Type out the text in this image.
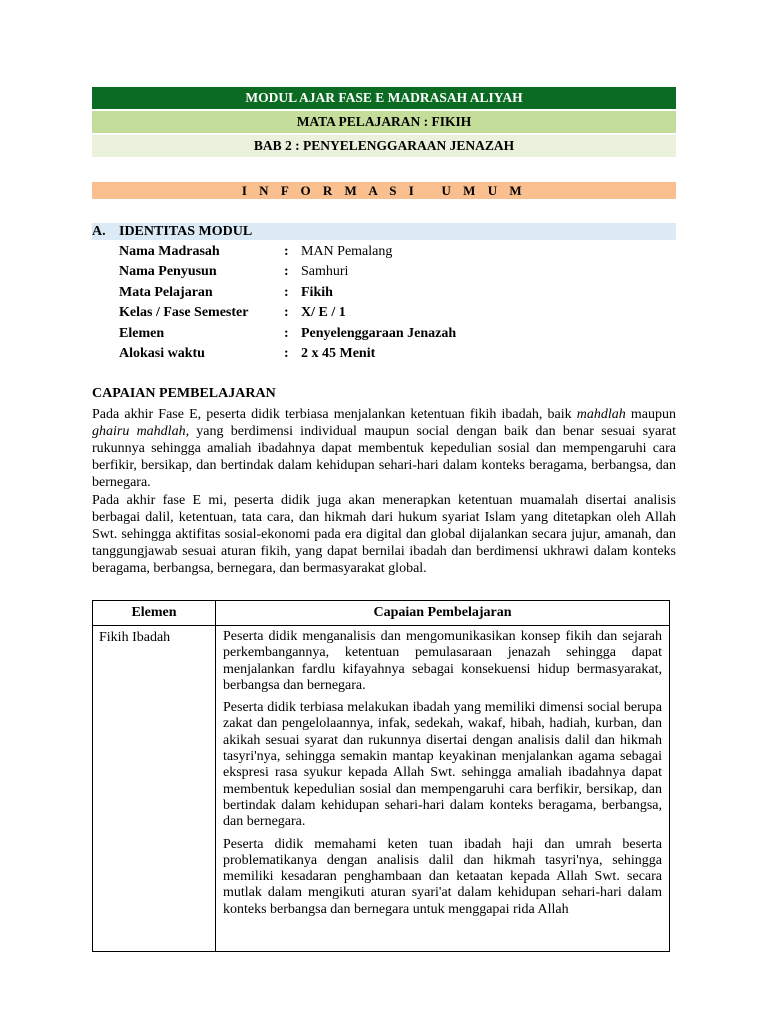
MODUL AJAR FASE E MADRASAH ALIYAH
MATA PELAJARAN : FIKIH
BAB 2 : PENYELENGGARAAN JENAZAH
I N F O R M A S I   U M U M
A. IDENTITAS MODUL
Nama Madrasah	: MAN Pemalang
Nama Penyusun	: Samhuri
Mata Pelajaran	: Fikih
Kelas / Fase Semester	: X/ E / 1
Elemen	: Penyelenggaraan Jenazah
Alokasi waktu	: 2 x 45 Menit
CAPAIAN PEMBELAJARAN

Pada akhir Fase E, peserta didik terbiasa menjalankan ketentuan fikih ibadah, baik mahdlah maupun ghairu mahdlah, yang berdimensi individual maupun social dengan baik dan benar sesuai syarat rukunnya sehingga amaliah ibadahnya dapat membentuk kepedulian sosial dan mempengaruhi cara berfikir, bersikap, dan bertindak dalam kehidupan sehari-hari dalam konteks beragama, berbangsa, dan bernegara.

Pada akhir fase E mi, peserta didik juga akan menerapkan ketentuan muamalah disertai analisis berbagai dalil, ketentuan, tata cara, dan hikmah dari hukum syariat Islam yang ditetapkan oleh Allah Swt. sehingga aktifitas sosial-ekonomi pada era digital dan global dijalankan secara jujur, amanah, dan tanggungjawab sesuai aturan fikih, yang dapat bernilai ibadah dan berdimensi ukhrawi dalam konteks beragama, berbangsa, bernegara, dan bermasyarakat global.

Elemen	Capaian Pembelajaran
Fikih Ibadah	Peserta didik menganalisis dan mengomunikasikan konsep fikih dan sejarah perkembangannya, ketentuan pemulasaraan jenazah sehingga dapat menjalankan fardlu kifayahnya sebagai konsekuensi hidup bermasyarakat, berbangsa dan bernegara.

Peserta didik terbiasa melakukan ibadah yang memiliki dimensi social berupa zakat dan pengelolaannya, infak, sedekah, wakaf, hibah, hadiah, kurban, dan akikah sesuai syarat dan rukunnya disertai dengan analisis dalil dan hikmah tasyri'nya, sehingga semakin mantap keyakinan menjalankan agama sebagai ekspresi rasa syukur kepada Allah Swt. sehingga amaliah ibadahnya dapat membentuk kepedulian sosial dan mempengaruhi cara berfikir, bersikap, dan bertindak dalam kehidupan sehari-hari dalam konteks beragama, berbangsa, dan bernegara.

Peserta didik memahami keten tuan ibadah haji dan umrah beserta problematikanya dengan analisis dalil dan hikmah tasyri'nya, sehingga memiliki kesadaran penghambaan dan ketaatan kepada Allah Swt. secara mutlak dalam mengikuti aturan syari'at dalam kehidupan sehari-hari dalam konteks berbangsa dan bernegara untuk menggapai rida Allah
